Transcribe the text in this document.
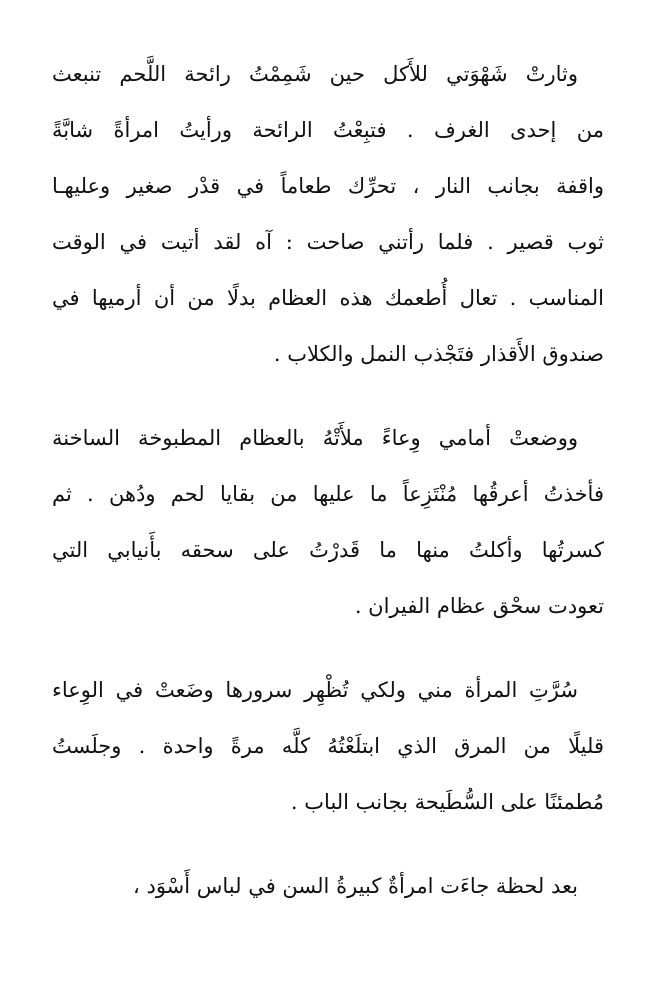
وثارتْ شَهْوَتي للأَكل حين شَمِمْتُ رائحة اللَّحم تنبعث
من إحدى الغرف . فتبِعْتُ الرائحة ورأيتُ امرأةً شابَّةً
واقفة بجانب النار ، تحرِّك طعاماً في قدْر صغير وعليهـا
ثوب قصير . فلما رأتني صاحت : آه لقد أتيت في الوقت
المناسب . تعال أُطعمك هذه العظام بدلًا من أن أرميها في
صندوق الأَقذار فتَجْذب النمل والكلاب .

ووضعتْ أمامي وِعاءً ملأَتْهُ بالعظام المطبوخة الساخنة
فأخذتُ أعرقُها مُنْتَزِعاً ما عليها من بقايا لحم ودُهن . ثم
كسرتُها وأكلتُ منها ما قَدرْتُ على سحقه بأَنيابي التي
تعودت سحْق عظام الفيران .

سُرَّتِ المرأة مني ولكي تُظْهِر سرورها وضَعتْ في الوِعاء
قليلًا من المرق الذي ابتلَعْتُهُ كلَّه مرةً واحدة . وجلَستُ
مُطمئنًا على السُّطَيحة بجانب الباب .

بعد لحظة جاءَت امرأةٌ كبيرةُ السن في لباس أَسْوَد ،
